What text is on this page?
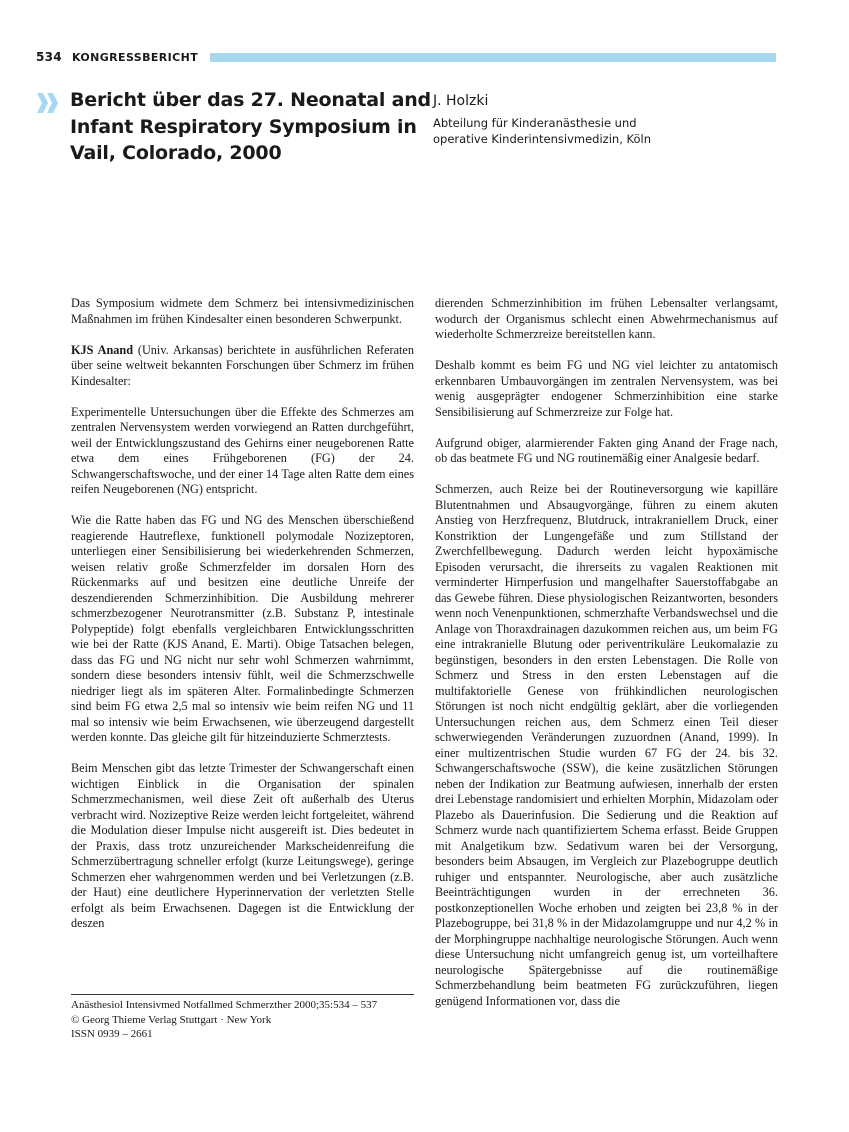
534 KONGRESSBERICHT
Bericht über das 27. Neonatal and
Infant Respiratory Symposium in
Vail, Colorado, 2000
J. Holzki
Abteilung für Kinderanästhesie und
operative Kinderintensivmedizin, Köln

Das Symposium widmete dem Schmerz bei intensivmedizinischen Maßnahmen im frühen Kindesalter einen besonderen Schwerpunkt.

KJS Anand (Univ. Arkansas) berichtete in ausführlichen Referaten über seine weltweit bekannten Forschungen über Schmerz im frühen Kindesalter:

Experimentelle Untersuchungen über die Effekte des Schmerzes am zentralen Nervensystem werden vorwiegend an Ratten durchgeführt, weil der Entwicklungszustand des Gehirns einer neugeborenen Ratte etwa dem eines Frühgeborenen (FG) der 24. Schwangerschaftswoche, und der einer 14 Tage alten Ratte dem eines reifen Neugeborenen (NG) entspricht.

Wie die Ratte haben das FG und NG des Menschen überschießend reagierende Hautreflexe, funktionell polymodale Nozizeptoren, unterliegen einer Sensibilisierung bei wiederkehrenden Schmerzen, weisen relativ große Schmerzfelder im dorsalen Horn des Rückenmarks auf und besitzen eine deutliche Unreife der deszendierenden Schmerzinhibition. Die Ausbildung mehrerer schmerzbezogener Neurotransmitter (z.B. Substanz P, intestinale Polypeptide) folgt ebenfalls vergleichbaren Entwicklungsschritten wie bei der Ratte (KJS Anand, E. Marti). Obige Tatsachen belegen, dass das FG und NG nicht nur sehr wohl Schmerzen wahrnimmt, sondern diese besonders intensiv fühlt, weil die Schmerzschwelle niedriger liegt als im späteren Alter. Formalinbedingte Schmerzen sind beim FG etwa 2,5 mal so intensiv wie beim reifen NG und 11 mal so intensiv wie beim Erwachsenen, wie überzeugend dargestellt werden konnte. Das gleiche gilt für hitzeinduzierte Schmerztests.

Beim Menschen gibt das letzte Trimester der Schwangerschaft einen wichtigen Einblick in die Organisation der spinalen Schmerzmechanismen, weil diese Zeit oft außerhalb des Uterus verbracht wird. Nozizeptive Reize werden leicht fortgeleitet, während die Modulation dieser Impulse nicht ausgereift ist. Dies bedeutet in der Praxis, dass trotz unzureichender Markscheidenreifung die Schmerzübertragung schneller erfolgt (kurze Leitungswege), geringe Schmerzen eher wahrgenommen werden und bei Verletzungen (z.B. der Haut) eine deutlichere Hyperinnervation der verletzten Stelle erfolgt als beim Erwachsenen. Dagegen ist die Entwicklung der deszen

dierenden Schmerzinhibition im frühen Lebensalter verlangsamt, wodurch der Organismus schlecht einen Abwehrmechanismus auf wiederholte Schmerzreize bereitstellen kann.

Deshalb kommt es beim FG und NG viel leichter zu antatomisch erkennbaren Umbauvorgängen im zentralen Nervensystem, was bei wenig ausgeprägter endogener Schmerzinhibition eine starke Sensibilisierung auf Schmerzreize zur Folge hat.

Aufgrund obiger, alarmierender Fakten ging Anand der Frage nach, ob das beatmete FG und NG routinemäßig einer Analgesie bedarf.

Schmerzen, auch Reize bei der Routineversorgung wie kapilläre Blutentnahmen und Absaugvorgänge, führen zu einem akuten Anstieg von Herzfrequenz, Blutdruck, intrakraniellem Druck, einer Konstriktion der Lungengefäße und zum Stillstand der Zwerchfellbewegung. Dadurch werden leicht hypoxämische Episoden verursacht, die ihrerseits zu vagalen Reaktionen mit verminderter Hirnperfusion und mangelhafter Sauerstoffabgabe an das Gewebe führen. Diese physiologischen Reizantworten, besonders wenn noch Venenpunktionen, schmerzhafte Verbandswechsel und die Anlage von Thoraxdrainagen dazukommen reichen aus, um beim FG eine intrakranielle Blutung oder periventrikuläre Leukomalazie zu begünstigen, besonders in den ersten Lebenstagen. Die Rolle von Schmerz und Stress in den ersten Lebenstagen auf die multifaktorielle Genese von frühkindlichen neurologischen Störungen ist noch nicht endgültig geklärt, aber die vorliegenden Untersuchungen reichen aus, dem Schmerz einen Teil dieser schwerwiegenden Veränderungen zuzuordnen (Anand, 1999). In einer multizentrischen Studie wurden 67 FG der 24. bis 32. Schwangerschaftswoche (SSW), die keine zusätzlichen Störungen neben der Indikation zur Beatmung aufwiesen, innerhalb der ersten drei Lebenstage randomisiert und erhielten Morphin, Midazolam oder Plazebo als Dauerinfusion. Die Sedierung und die Reaktion auf Schmerz wurde nach quantifiziertem Schema erfasst. Beide Gruppen mit Analgetikum bzw. Sedativum waren bei der Versorgung, besonders beim Absaugen, im Vergleich zur Plazebogruppe deutlich ruhiger und entspannter. Neurologische, aber auch zusätzliche Beeinträchtigungen wurden in der errechneten 36. postkonzeptionellen Woche erhoben und zeigten bei 23,8 % in der Plazebogruppe, bei 31,8 % in der Midazolamgruppe und nur 4,2 % in der Morphingruppe nachhaltige neurologische Störungen. Auch wenn diese Untersuchung nicht umfangreich genug ist, um vorteilhaftere neurologische Spätergebnisse auf die routinemäßige Schmerzbehandlung beim beatmeten FG zurückzuführen, liegen genügend Informationen vor, dass die

Anästhesiol Intensivmed Notfallmed Schmerzther 2000;35:534 – 537
© Georg Thieme Verlag Stuttgart · New York
ISSN 0939 – 2661
